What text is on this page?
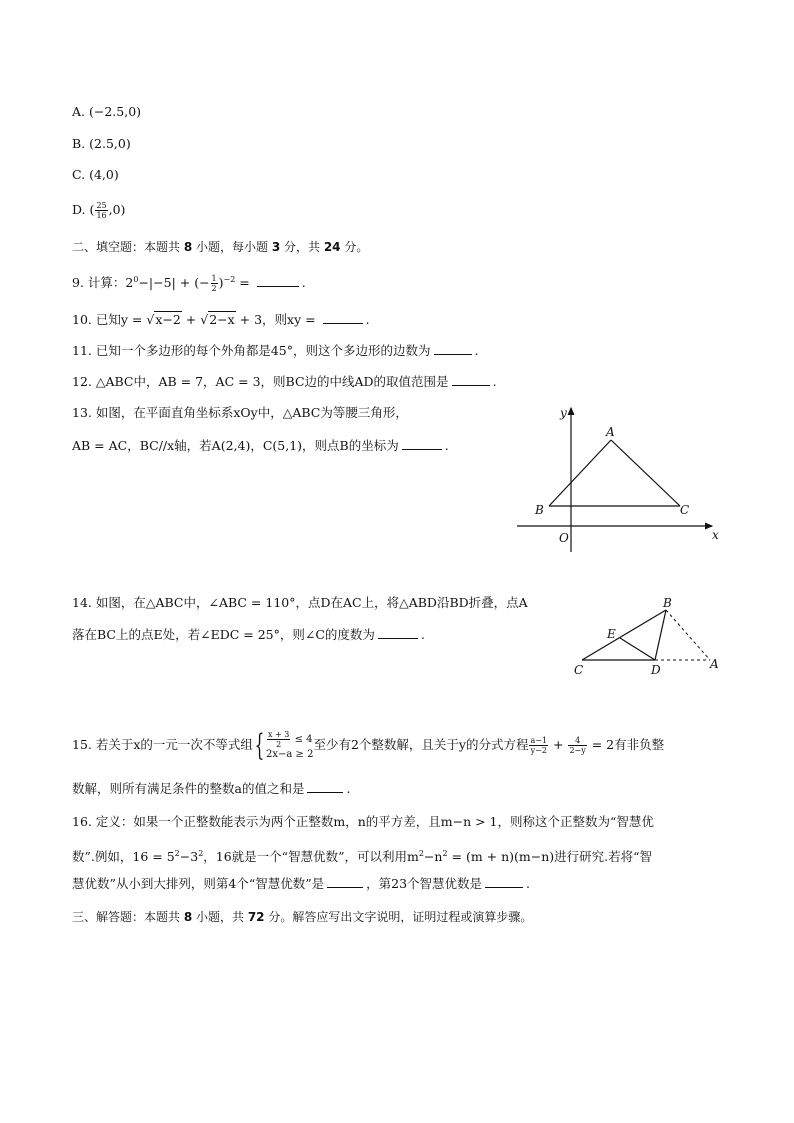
A. (−2.5,0)
B. (2.5,0)
C. (4,0)
D. ( $\frac{25}{16} ,0$)
二、填空题：本题共 8 小题，每小题 3 分，共 24 分。
9. 计算：$2^0-|-5|$ + (− $\frac{1}{2} )^{-2}$ =	.
10. 已知y = √x−2 + √2−x + 3，则xy =	.
11. 已知一个多边形的每个外角都是45°，则这个多边形的边数为	.
12. △ABC中，AB = 7，AC = 3，则BC边的中线AD的取值范围是	.
13. 如图，在平面直角坐标系xOy中，△ABC为等腰三角形，
AB = AC，BC//x轴，若A(2,4)，C(5,1)，则点B的坐标为	.
y
x
O
A
B	C
14. 如图，在△ABC中，∠ABC = 110°，点D在AC上，将△ABD沿BD折叠，点A
落在BC上的点E处，若∠EDC = 25°，则∠C的度数为	.
B
E
C	D	A
15. 若关于x的一元一次不等式组{ $\frac{x + 3}{2} \le 4$
2x−a ≥ 2
至少有2个整数解，且关于y的分式方程 $\frac{a-1}{y-2} + \frac{4}{2-y} = 2$有非负整
数解，则所有满足条件的整数a的值之和是	.
16. 定义：如果一个正整数能表示为两个正整数m，n的平方差，且m−n > 1，则称这个正整数为“智慧优
数”.例如，$16 = 5^2-3^2$，16就是一个“智慧优数”，可以利用$m^2-n^2 = (m + n)(m-n)$进行研究.若将“智
慧优数”从小到大排列，则第4个“智慧优数”是	，第23个智慧优数是	.
三、解答题：本题共 8 小题，共 72 分。解答应写出文字说明，证明过程或演算步骤。
